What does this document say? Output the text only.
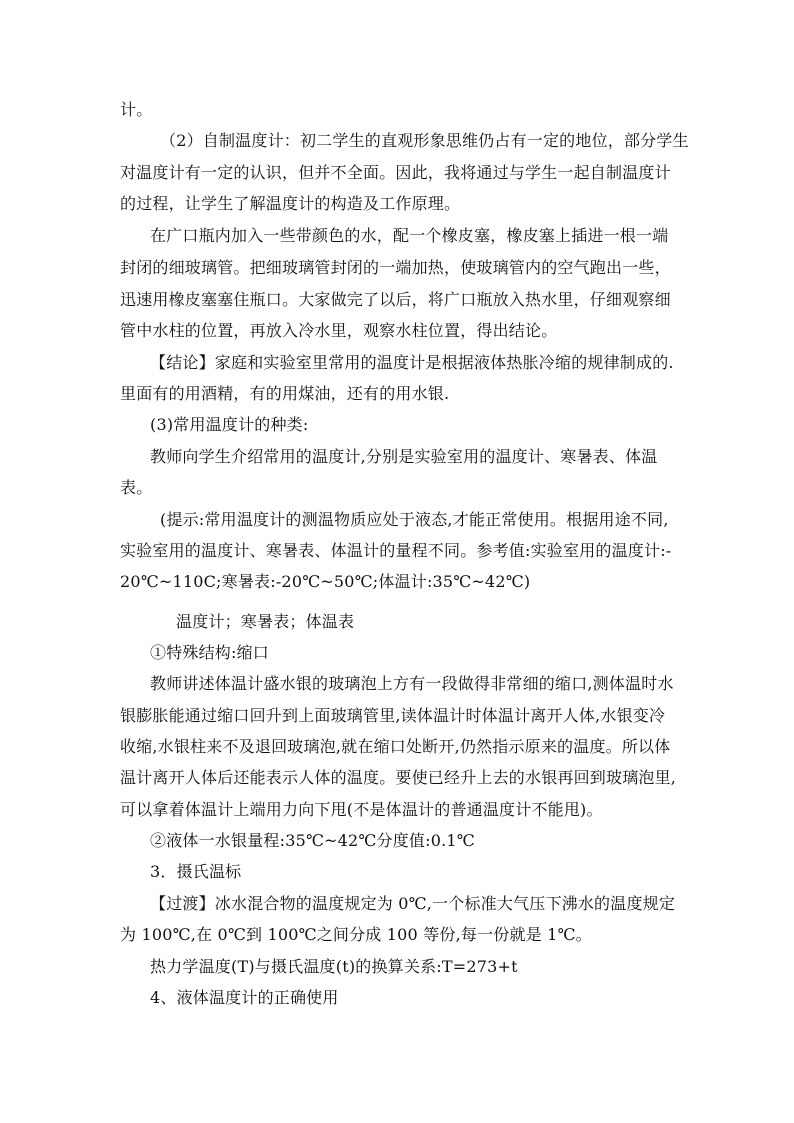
计。
（2）自制温度计：初二学生的直观形象思维仍占有一定的地位，部分学生
对温度计有一定的认识，但并不全面。因此，我将通过与学生一起自制温度计
的过程，让学生了解温度计的构造及工作原理。
在广口瓶内加入一些带颜色的水，配一个橡皮塞，橡皮塞上插进一根一端
封闭的细玻璃管。把细玻璃管封闭的一端加热，使玻璃管内的空气跑出一些，
迅速用橡皮塞塞住瓶口。大家做完了以后，将广口瓶放入热水里，仔细观察细
管中水柱的位置，再放入冷水里，观察水柱位置，得出结论。
【结论】家庭和实验室里常用的温度计是根据液体热胀冷缩的规律制成的.
里面有的用酒精，有的用煤油，还有的用水银.
(3)常用温度计的种类:
教师向学生介绍常用的温度计,分别是实验室用的温度计、寒暑表、体温
表。
(提示:常用温度计的测温物质应处于液态,才能正常使用。根据用途不同,
实验室用的温度计、寒暑表、体温计的量程不同。参考值:实验室用的温度计:-
20℃~110C;寒暑表:-20℃~50℃;体温计:35℃~42℃)
温度计；寒暑表；体温表
①特殊结构:缩口
教师讲述体温计盛水银的玻璃泡上方有一段做得非常细的缩口,测体温时水
银膨胀能通过缩口回升到上面玻璃管里,读体温计时体温计离开人体,水银变冷
收缩,水银柱来不及退回玻璃泡,就在缩口处断开,仍然指示原来的温度。所以体
温计离开人体后还能表示人体的温度。要使已经升上去的水银再回到玻璃泡里,
可以拿着体温计上端用力向下甩(不是体温计的普通温度计不能甩)。
②液体一水银量程:35℃~42℃分度值:0.1℃
3．摄氏温标
【过渡】冰水混合物的温度规定为 0℃,一个标准大气压下沸水的温度规定
为 100℃,在 0℃到 100℃之间分成 100 等份,每一份就是 1℃。
热力学温度(T)与摄氏温度(t)的换算关系:T=273+t
4、液体温度计的正确使用
